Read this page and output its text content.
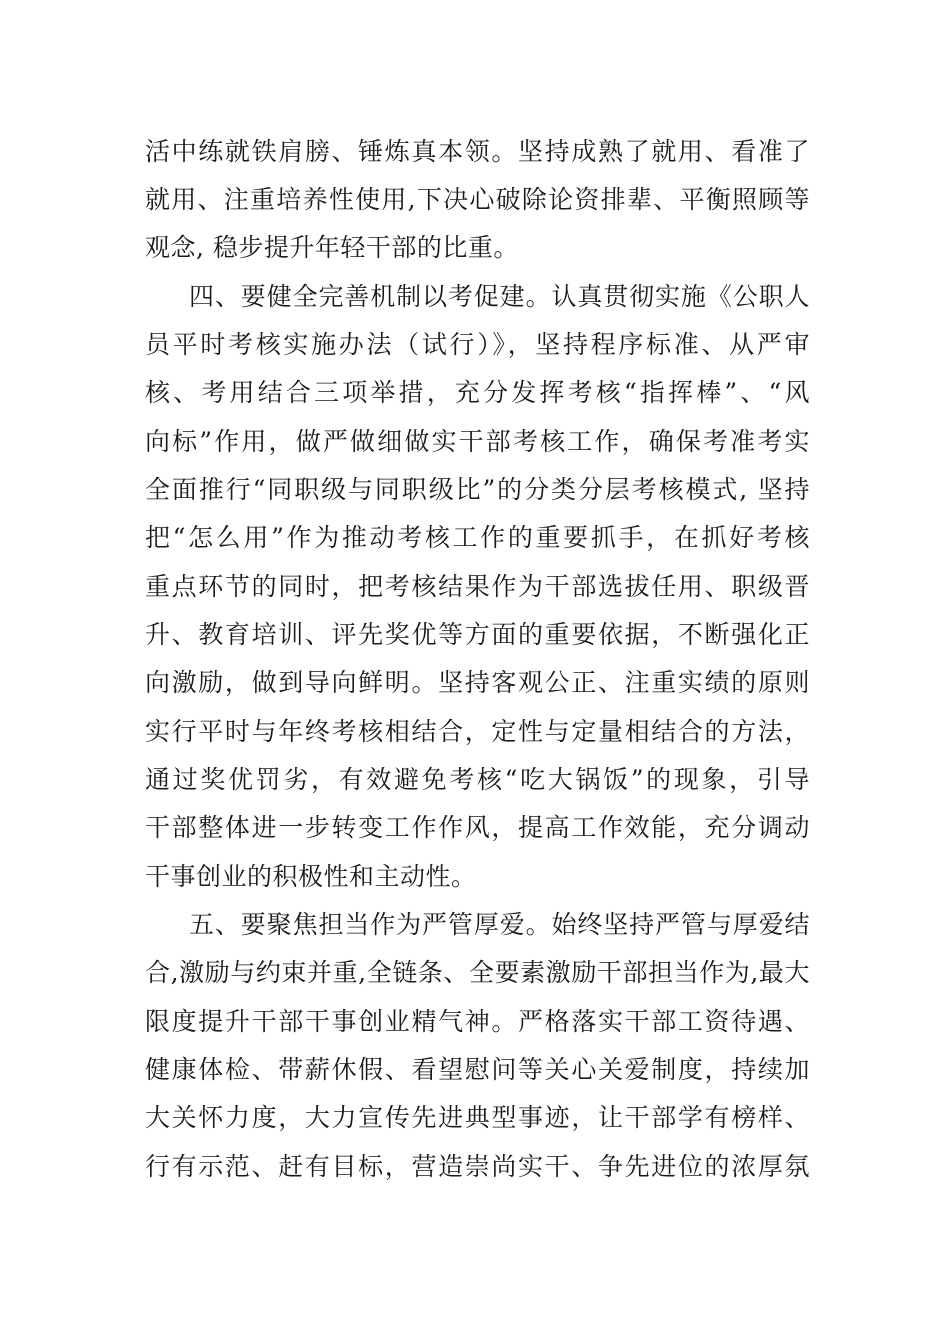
活中练就铁肩膀、锤炼真本领。坚持成熟了就用、看准了
就用、注重培养性使用,下决心破除论资排辈、平衡照顾等
观念, 稳步提升年轻干部的比重。
四、要健全完善机制以考促建。认真贯彻实施《公职人
员平时考核实施办法（试行）》，坚持程序标准、从严审
核、考用结合三项举措，充分发挥考核“指挥棒”、“风
向标”作用，做严做细做实干部考核工作，确保考准考实
全面推行“同职级与同职级比”的分类分层考核模式, 坚持
把“怎么用”作为推动考核工作的重要抓手，在抓好考核
重点环节的同时，把考核结果作为干部选拔任用、职级晋
升、教育培训、评先奖优等方面的重要依据，不断强化正
向激励，做到导向鲜明。坚持客观公正、注重实绩的原则
实行平时与年终考核相结合，定性与定量相结合的方法，
通过奖优罚劣，有效避免考核“吃大锅饭”的现象，引导
干部整体进一步转变工作作风，提高工作效能，充分调动
干事创业的积极性和主动性。
五、要聚焦担当作为严管厚爱。始终坚持严管与厚爱结
合,激励与约束并重,全链条、全要素激励干部担当作为,最大
限度提升干部干事创业精气神。严格落实干部工资待遇、
健康体检、带薪休假、看望慰问等关心关爱制度，持续加
大关怀力度，大力宣传先进典型事迹，让干部学有榜样、
行有示范、赶有目标，营造崇尚实干、争先进位的浓厚氛
